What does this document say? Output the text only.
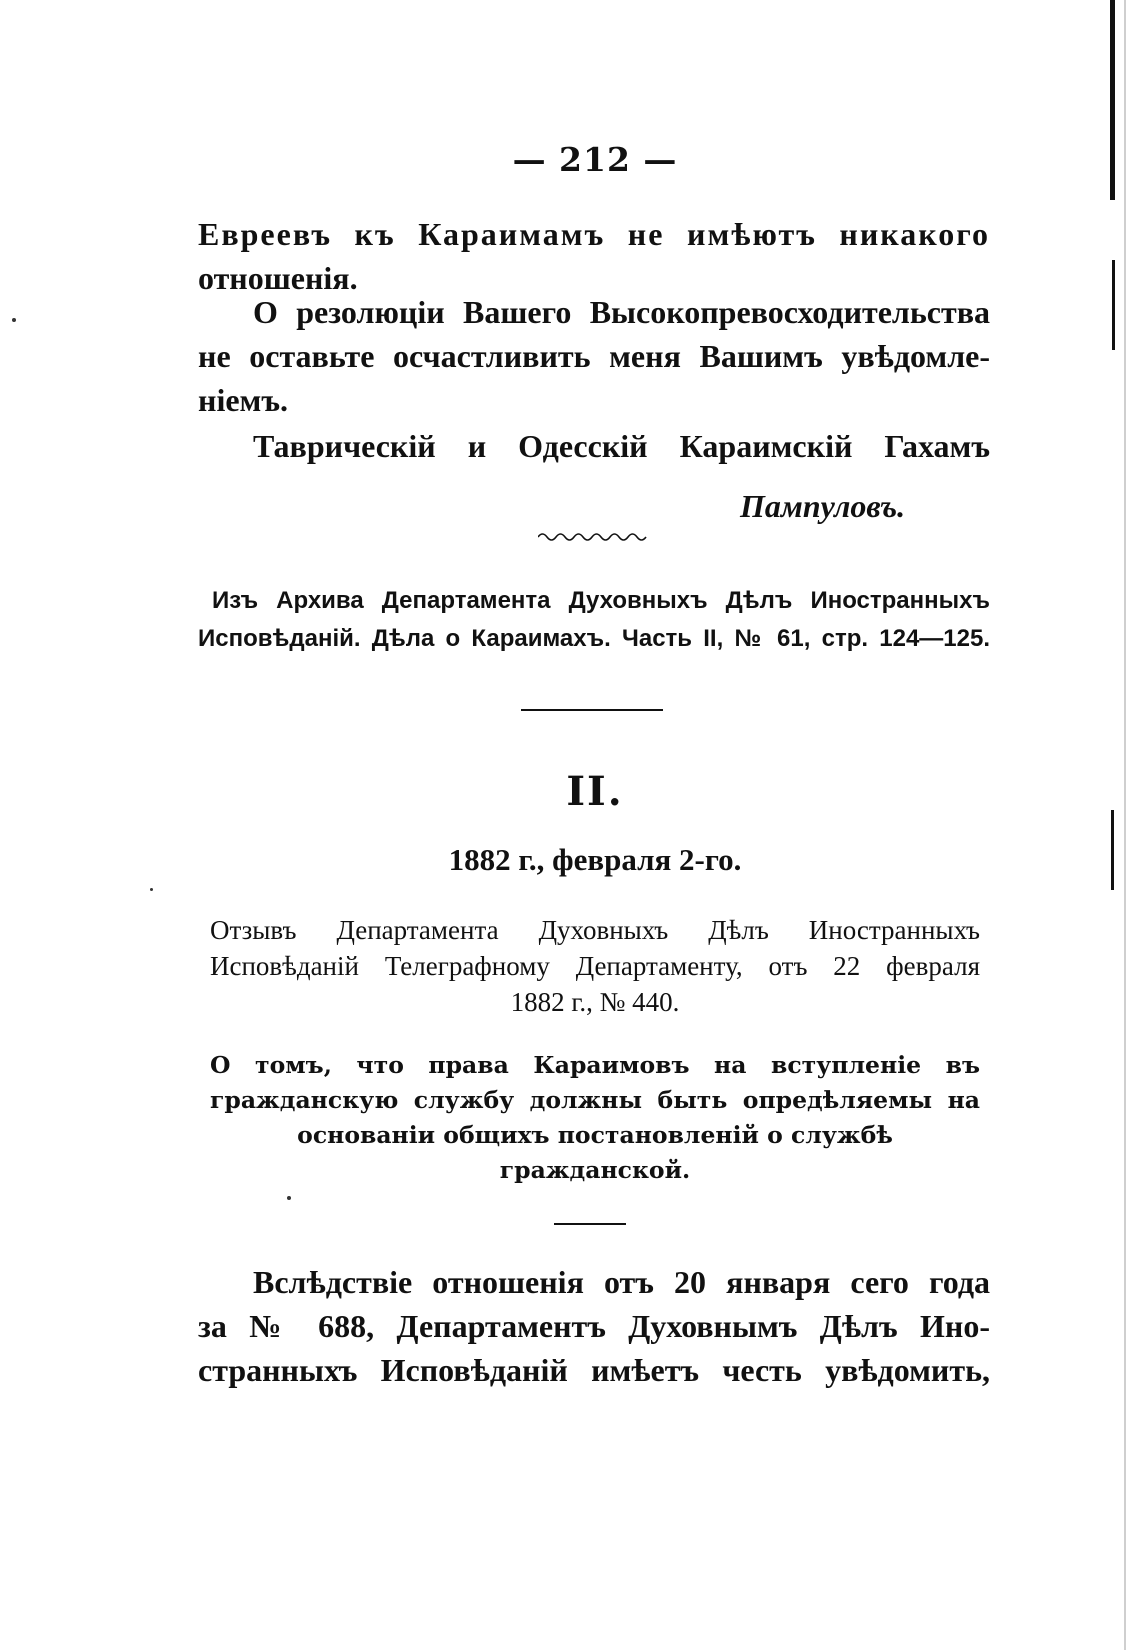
— 212 —
Евреевъ къ Караимамъ не имѣютъ никакого
отношенія.
О резолюціи Вашего Высокопревосходительства
не оставьте осчастливить меня Вашимъ увѣдомле-
ніемъ.
Таврическій и Одесскій Караимскій Гахамъ
Пампуловъ.
Изъ Архива Департамента Духовныхъ Дѣлъ Иностранныхъ
Исповѣданій. Дѣла о Караимахъ. Часть II, № 61, стр. 124—125.
II.
1882 г., февраля 2-го.
Отзывъ Департамента Духовныхъ Дѣлъ Иностранныхъ
Исповѣданій Телеграфному Департаменту, отъ 22 февраля
1882 г., № 440.
О томъ, что права Караимовъ на вступленіе въ
гражданскую службу должны быть опредѣляемы на
основаніи общихъ постановленій о службѣ
гражданской.
Вслѣдствіе отношенія отъ 20 января сего года
за № 688, Департаментъ Духовнымъ Дѣлъ Ино-
странныхъ Исповѣданій имѣетъ честь увѣдомить,
